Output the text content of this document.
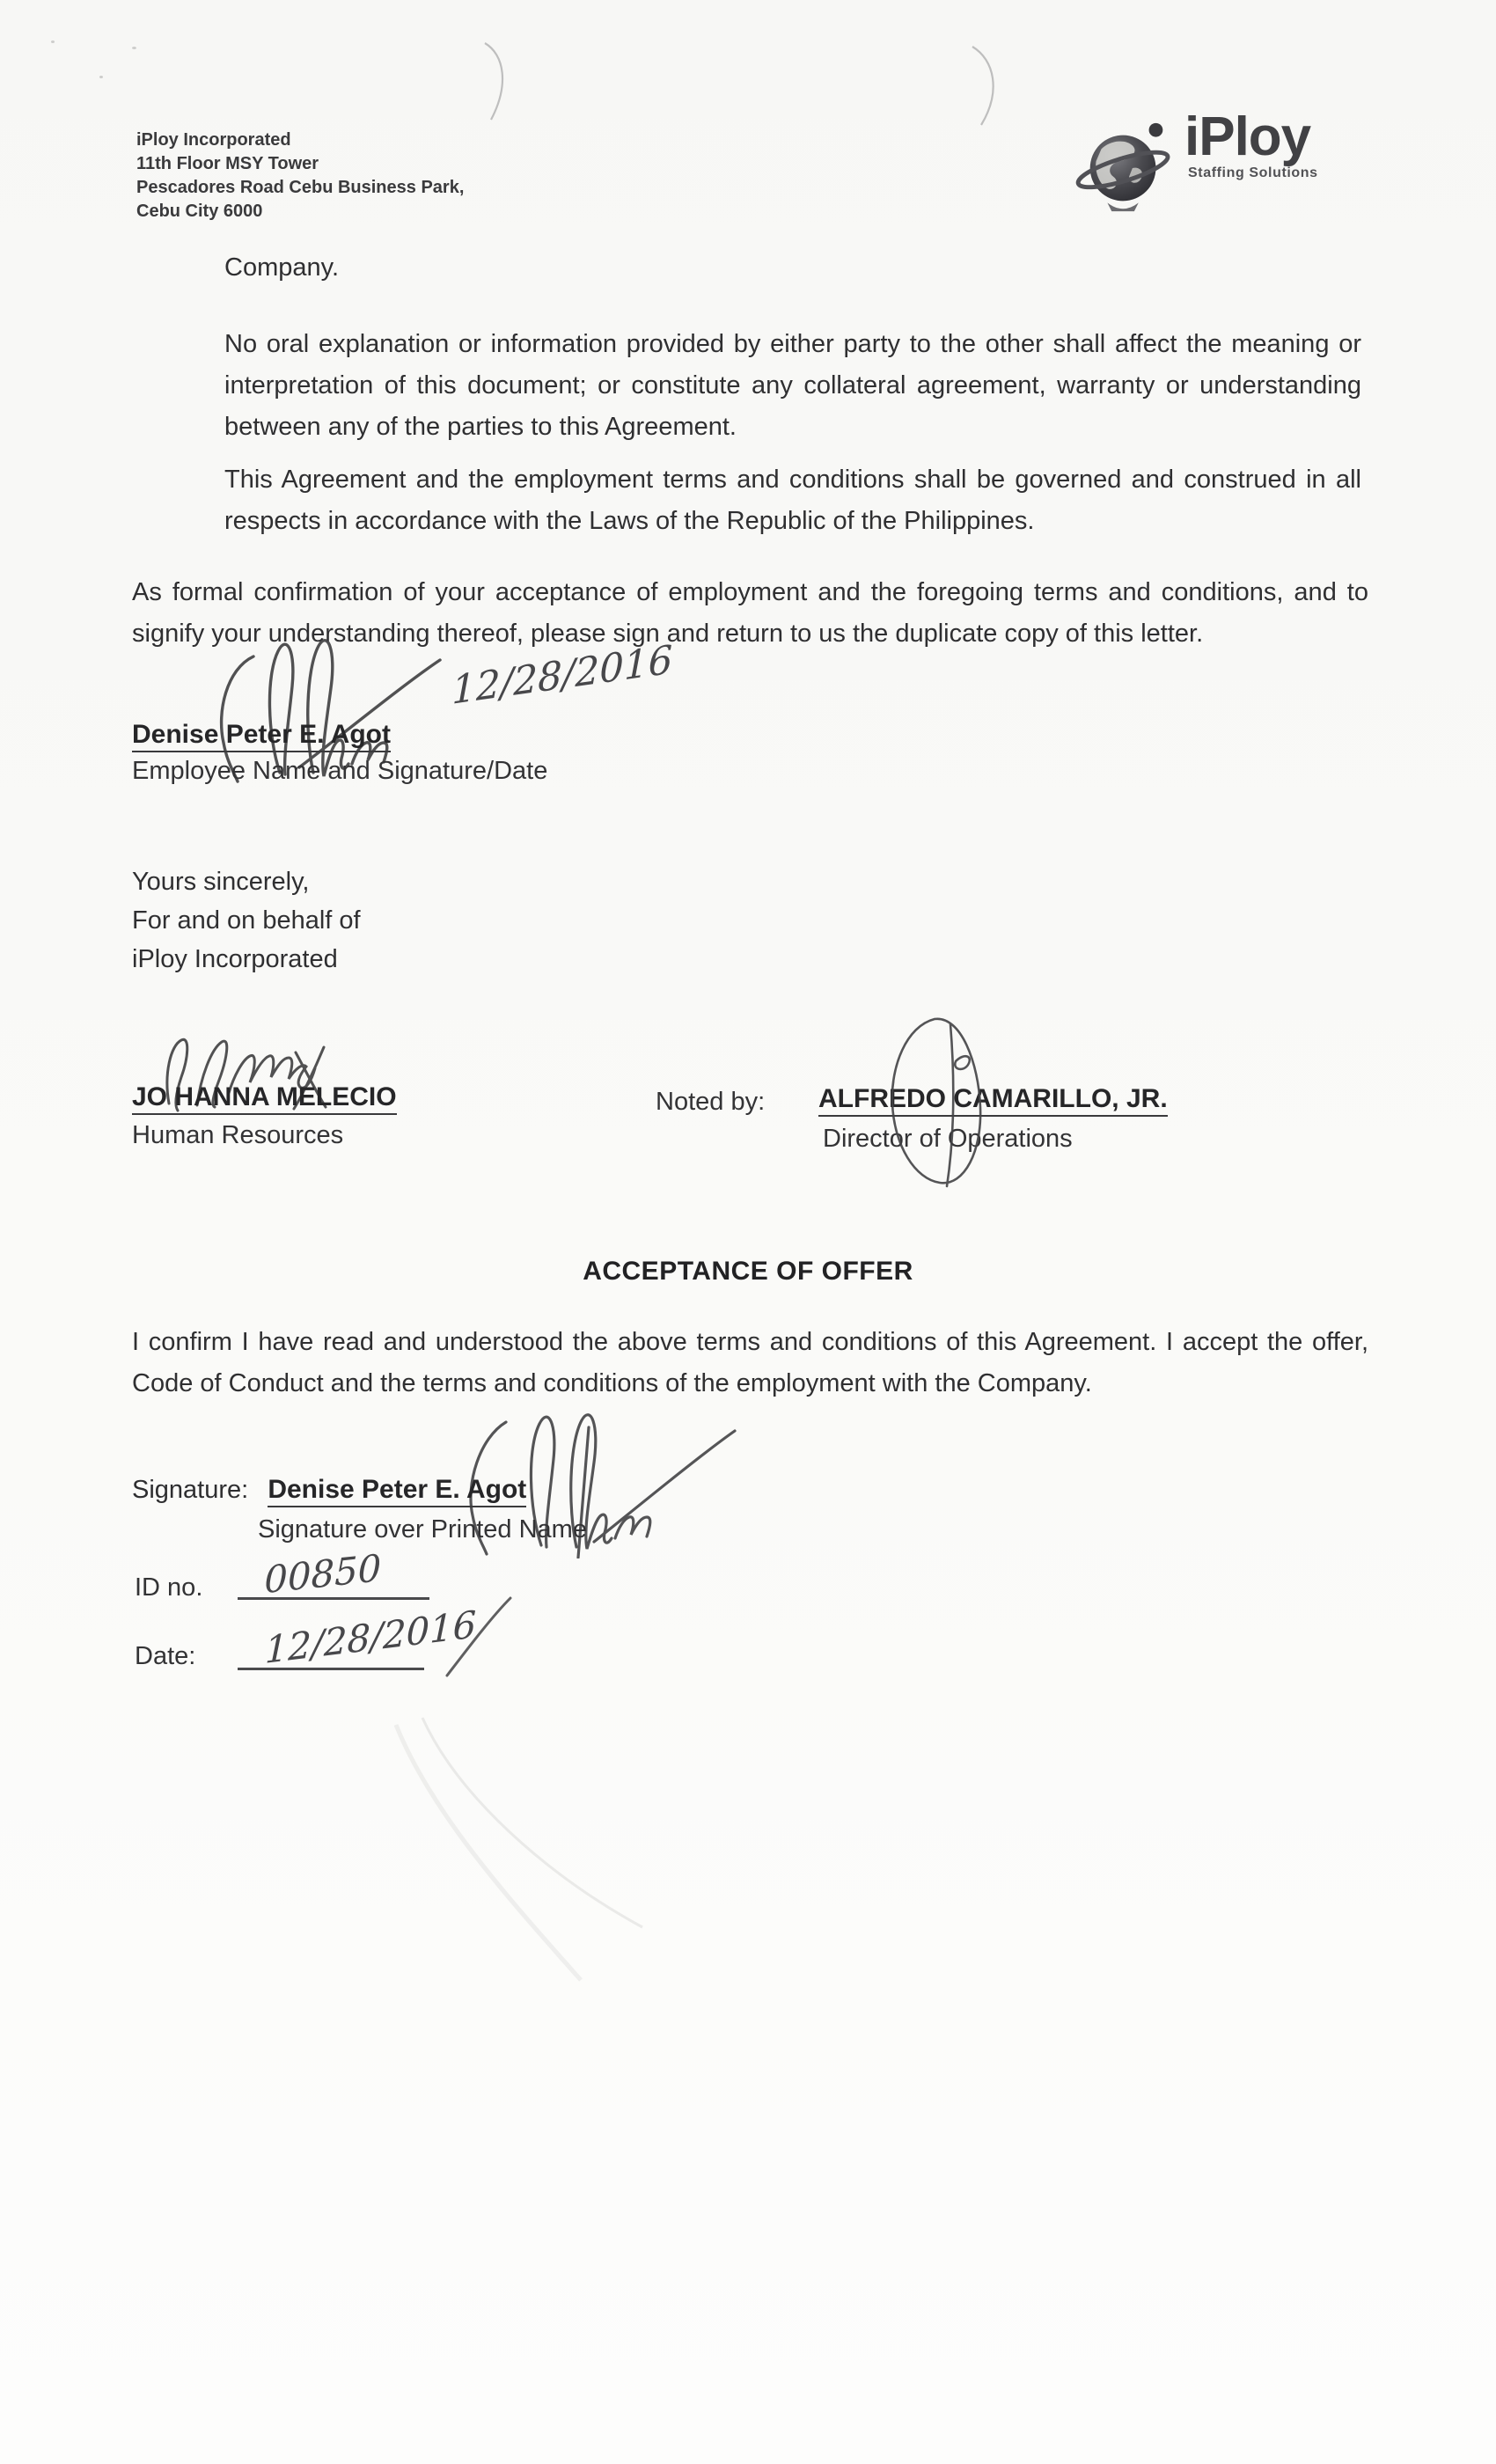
iPloy Incorporated
11th Floor MSY Tower
Pescadores Road Cebu Business Park,
Cebu City 6000
iPloy
Staffing Solutions
Company.
No oral explanation or information provided by either party to the other shall affect the meaning or interpretation of this document; or constitute any collateral agreement, warranty or understanding between any of the parties to this Agreement.
This Agreement and the employment terms and conditions shall be governed and construed in all respects in accordance with the Laws of the Republic of the Philippines.
As formal confirmation of your acceptance of employment and the foregoing terms and conditions, and to signify your understanding thereof, please sign and return to us the duplicate copy of this letter.
12/28/2016
Denise Peter E. Agot
Employee Name and Signature/Date
Yours sincerely,
For and on behalf of
iPloy Incorporated
JO HANNA MELECIO
Human Resources
Noted by: ALFREDO CAMARILLO, JR.
Director of Operations
ACCEPTANCE OF OFFER
I confirm I have read and understood the above terms and conditions of this Agreement. I accept the offer, Code of Conduct and the terms and conditions of the employment with the Company.
Signature: Denise Peter E. Agot
Signature over Printed Name
ID no. 00850
Date: 12/28/2016
